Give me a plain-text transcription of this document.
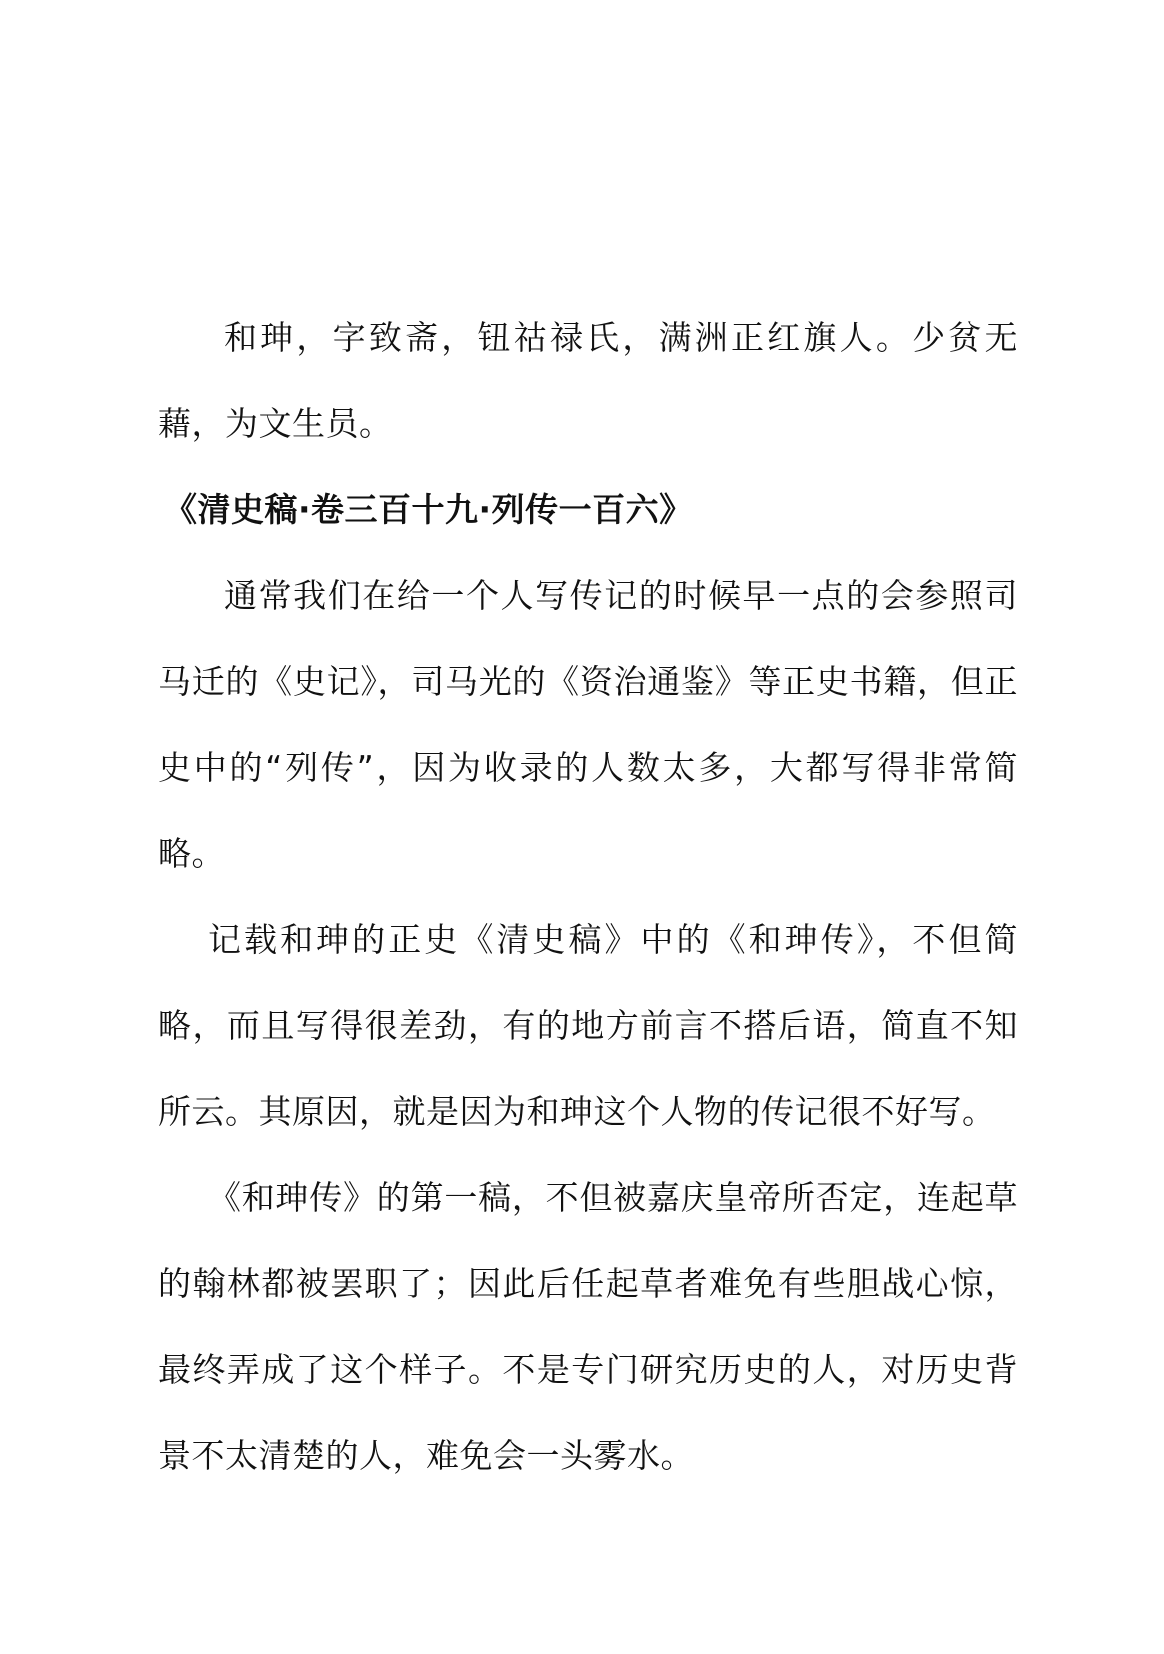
和珅，字致斋，钮祜禄氏，满洲正红旗人。少贫无藉，为文生员。

《清史稿·卷三百十九·列传一百六》

通常我们在给一个人写传记的时候早一点的会参照司马迁的《史记》，司马光的《资治通鉴》等正史书籍，但正史中的“列传”，因为收录的人数太多，大都写得非常简略。

记载和珅的正史《清史稿》中的《和珅传》，不但简略，而且写得很差劲，有的地方前言不搭后语，简直不知所云。其原因，就是因为和珅这个人物的传记很不好写。

《和珅传》的第一稿，不但被嘉庆皇帝所否定，连起草的翰林都被罢职了；因此后任起草者难免有些胆战心惊，最终弄成了这个样子。不是专门研究历史的人，对历史背景不太清楚的人，难免会一头雾水。
